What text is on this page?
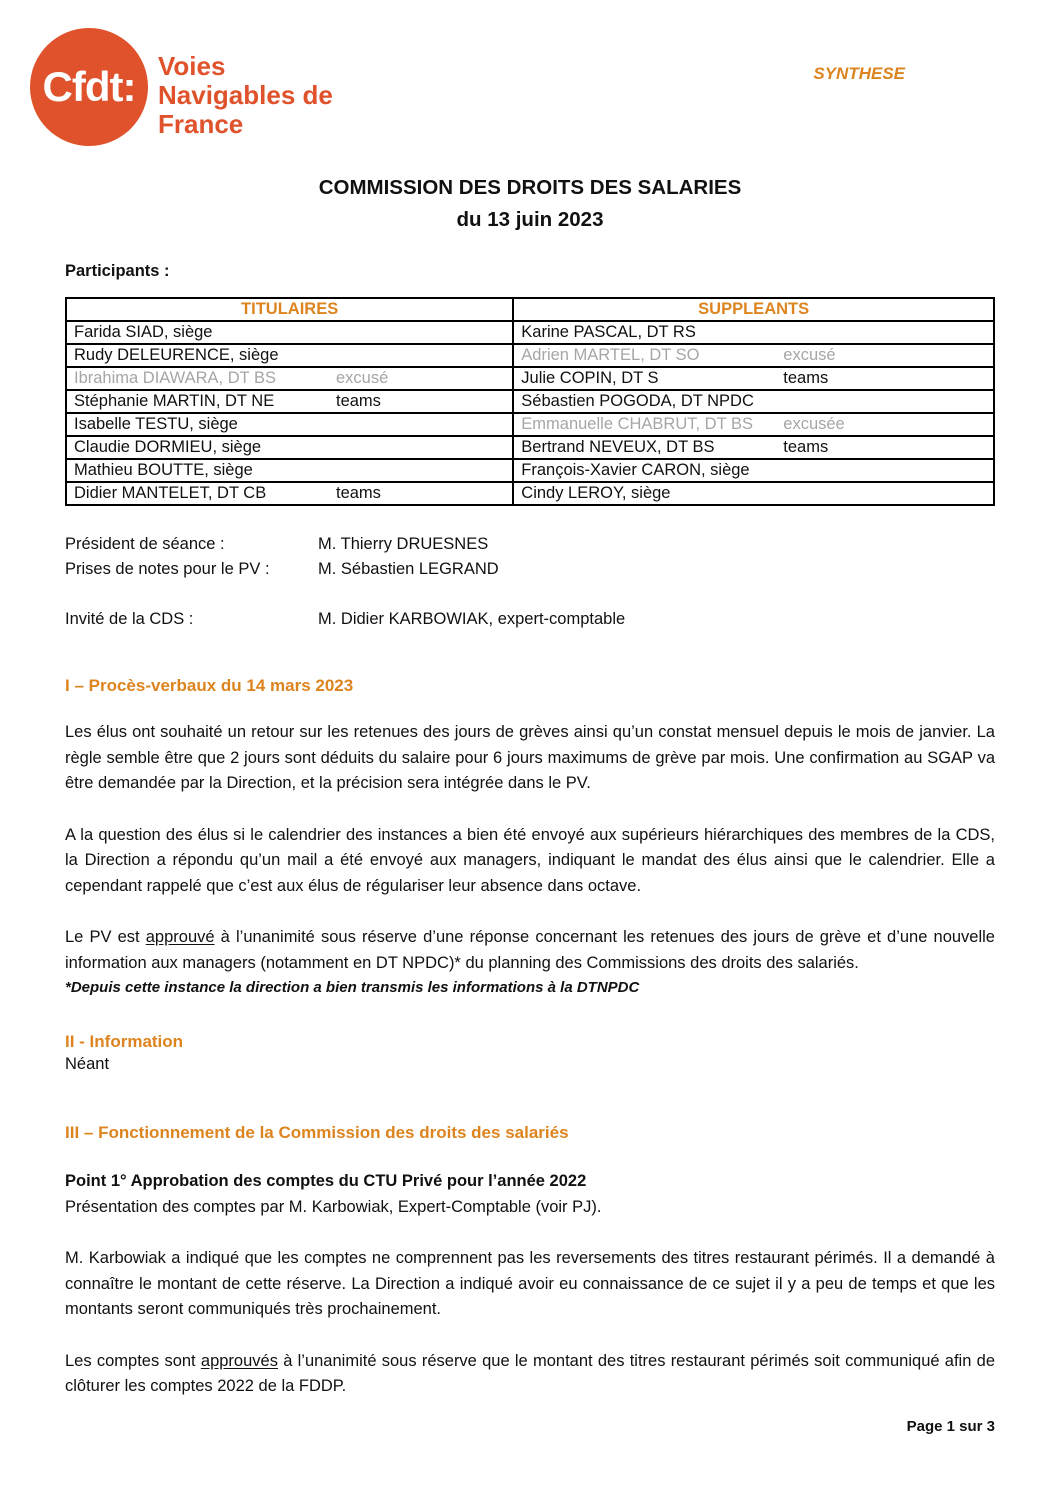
Cfdt: Voies
Navigables de
France
SYNTHESE
COMMISSION DES DROITS DES SALARIES
du 13 juin 2023
Participants :
TITULAIRES	SUPPLEANTS

Farida SIAD, siège	Karine PASCAL, DT RS

Rudy DELEURENCE, siège	Adrien MARTEL, DT SO excusé

Ibrahima DIAWARA, DT BS excusé	Julie COPIN, DT S teams

Stéphanie MARTIN, DT NE teams	Sébastien POGODA, DT NPDC

Isabelle TESTU, siège	Emmanuelle CHABRUT, DT BS excusée

Claudie DORMIEU, siège	Bertrand NEVEUX, DT BS teams

Mathieu BOUTTE, siège	François-Xavier CARON, siège

Didier MANTELET, DT CB teams	Cindy LEROY, siège
Président de séance :	M. Thierry DRUESNES
Prises de notes pour le PV :	M. Sébastien LEGRAND
Invité de la CDS :	M. Didier KARBOWIAK, expert-comptable
I – Procès-verbaux du 14 mars 2023
Les élus ont souhaité un retour sur les retenues des jours de grèves ainsi qu’un constat mensuel depuis le mois de janvier. La règle semble être que 2 jours sont déduits du salaire pour 6 jours maximums de grève par mois. Une confirmation au SGAP va être demandée par la Direction, et la précision sera intégrée dans le PV.
A la question des élus si le calendrier des instances a bien été envoyé aux supérieurs hiérarchiques des membres de la CDS, la Direction a répondu qu’un mail a été envoyé aux managers, indiquant le mandat des élus ainsi que le calendrier. Elle a cependant rappelé que c’est aux élus de régulariser leur absence dans octave.
Le PV est approuvé à l’unanimité sous réserve d’une réponse concernant les retenues des jours de grève et d’une nouvelle information aux managers (notamment en DT NPDC)* du planning des Commissions des droits des salariés.
*Depuis cette instance la direction a bien transmis les informations à la DTNPDC
II - Information
Néant
III – Fonctionnement de la Commission des droits des salariés
Point 1° Approbation des comptes du CTU Privé pour l’année 2022
Présentation des comptes par M. Karbowiak, Expert-Comptable (voir PJ).
M. Karbowiak a indiqué que les comptes ne comprennent pas les reversements des titres restaurant périmés. Il a demandé à connaître le montant de cette réserve. La Direction a indiqué avoir eu connaissance de ce sujet il y a peu de temps et que les montants seront communiqués très prochainement.
Les comptes sont approuvés à l’unanimité sous réserve que le montant des titres restaurant périmés soit communiqué afin de clôturer les comptes 2022 de la FDDP.
Page 1 sur 3
